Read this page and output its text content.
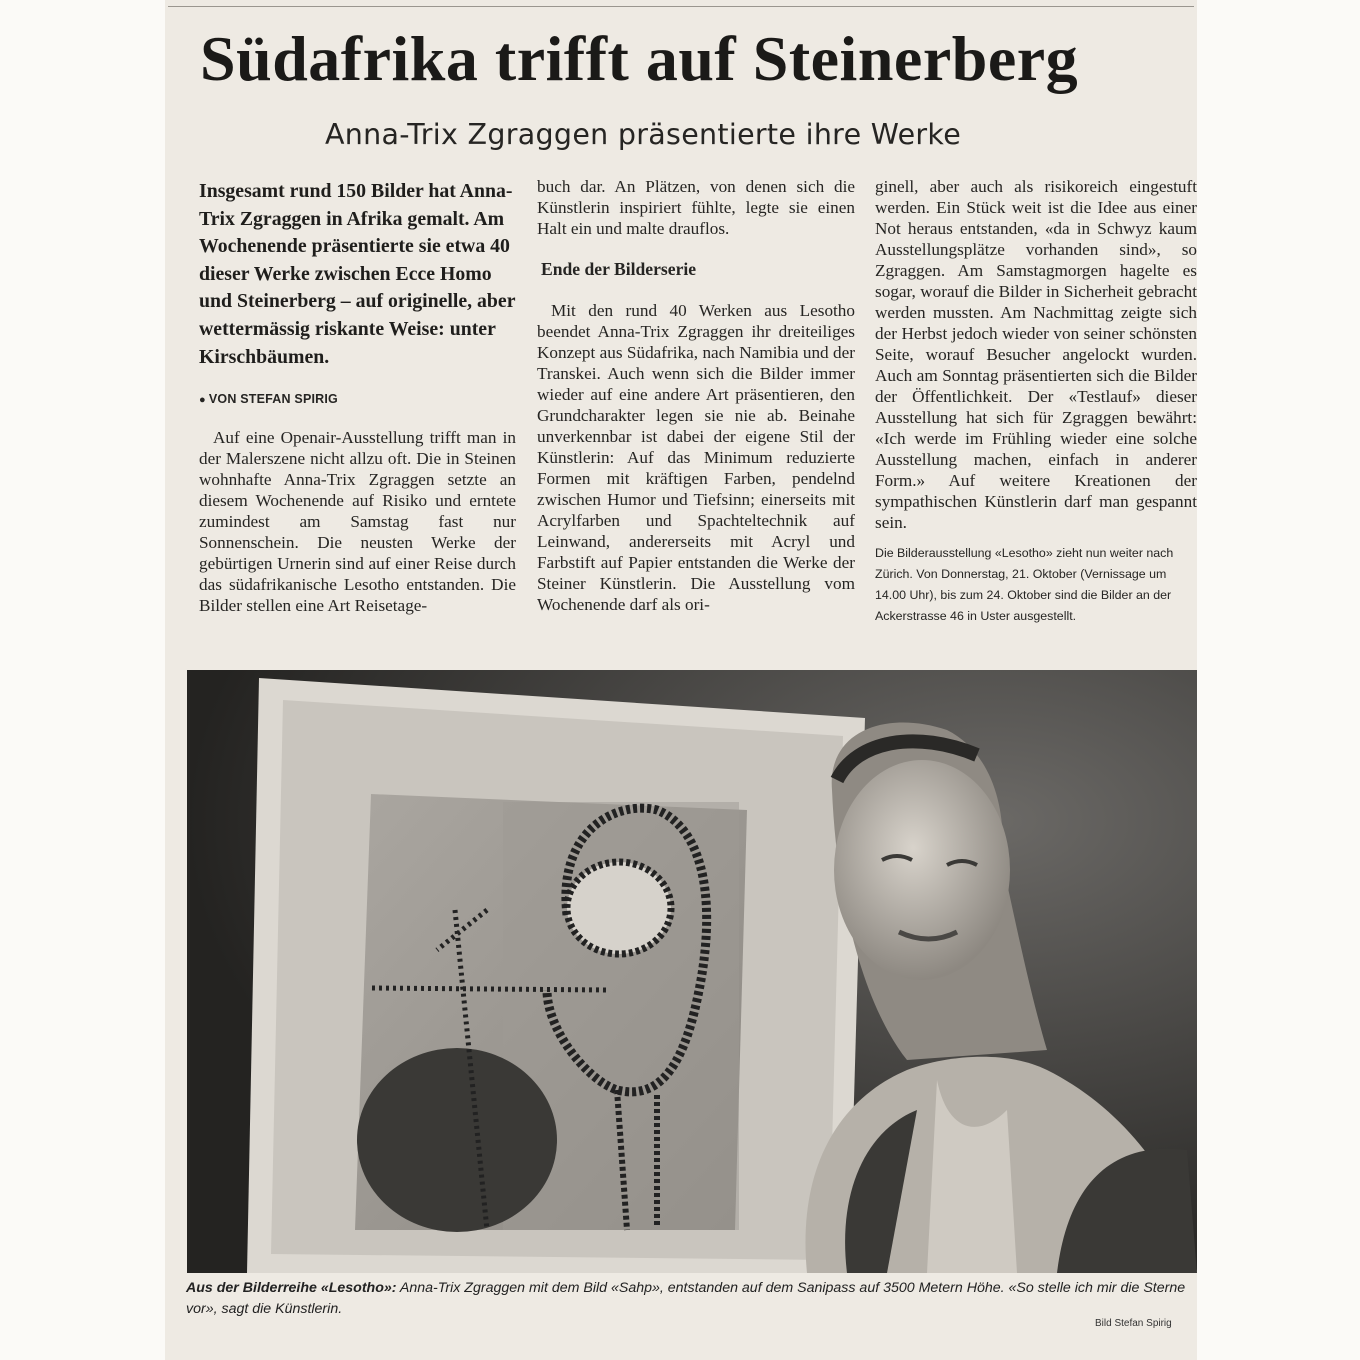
Südafrika trifft auf Steinerberg
Anna-Trix Zgraggen präsentierte ihre Werke
Insgesamt rund 150 Bilder hat Anna-Trix Zgraggen in Afrika gemalt. Am Wochenende präsentierte sie etwa 40 dieser Werke zwischen Ecce Homo und Steinerberg – auf originelle, aber wettermässig riskante Weise: unter Kirschbäumen.
● VON STEFAN SPIRIG

Auf eine Openair-Ausstellung trifft man in der Malerszene nicht allzu oft. Die in Steinen wohnhafte Anna-Trix Zgraggen setzte an diesem Wochenende auf Risiko und erntete zumindest am Samstag fast nur Sonnenschein. Die neusten Werke der gebürtigen Urnerin sind auf einer Reise durch das südafrikanische Lesotho entstanden. Die Bilder stellen eine Art Reisetage-

buch dar. An Plätzen, von denen sich die Künstlerin inspiriert fühlte, legte sie einen Halt ein und malte drauflos.

Ende der Bilderserie

Mit den rund 40 Werken aus Lesotho beendet Anna-Trix Zgraggen ihr dreiteiliges Konzept aus Südafrika, nach Namibia und der Transkei. Auch wenn sich die Bilder immer wieder auf eine andere Art präsentieren, den Grundcharakter legen sie nie ab. Beinahe unverkennbar ist dabei der eigene Stil der Künstlerin: Auf das Minimum reduzierte Formen mit kräftigen Farben, pendelnd zwischen Humor und Tiefsinn; einerseits mit Acrylfarben und Spachteltechnik auf Leinwand, andererseits mit Acryl und Farbstift auf Papier entstanden die Werke der Steiner Künstlerin. Die Ausstellung vom Wochenende darf als ori-

ginell, aber auch als risikoreich eingestuft werden. Ein Stück weit ist die Idee aus einer Not heraus entstanden, «da in Schwyz kaum Ausstellungsplätze vorhanden sind», so Zgraggen. Am Samstagmorgen hagelte es sogar, worauf die Bilder in Sicherheit gebracht werden mussten. Am Nachmittag zeigte sich der Herbst jedoch wieder von seiner schönsten Seite, worauf Besucher angelockt wurden. Auch am Sonntag präsentierten sich die Bilder der Öffentlichkeit. Der «Testlauf» dieser Ausstellung hat sich für Zgraggen bewährt: «Ich werde im Frühling wieder eine solche Ausstellung machen, einfach in anderer Form.» Auf weitere Kreationen der sympathischen Künstlerin darf man gespannt sein.

Die Bilderausstellung «Lesotho» zieht nun weiter nach Zürich. Von Donnerstag, 21. Oktober (Vernissage um 14.00 Uhr), bis zum 24. Oktober sind die Bilder an der Ackerstrasse 46 in Uster ausgestellt.
Aus der Bilderreihe «Lesotho»: Anna-Trix Zgraggen mit dem Bild «Sahp», entstanden auf dem Sanipass auf 3500 Metern Höhe. «So stelle ich mir die Sterne vor», sagt die Künstlerin.
Bild Stefan Spirig
